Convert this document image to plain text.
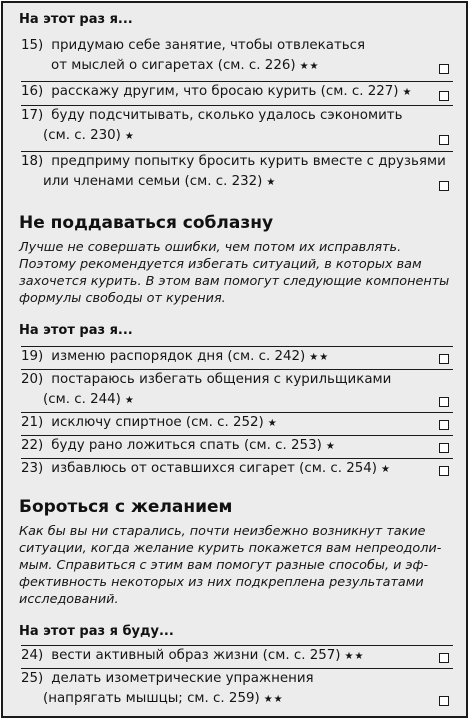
На этот раз я...
15) придумаю себе занятие, чтобы отвлекаться
от мыслей о сигаретах (см. с. 226) ★★
16) расскажу другим, что бросаю курить (см. с. 227) ★
17) буду подсчитывать, сколько удалось сэкономить
(см. с. 230) ★
18) предприму попытку бросить курить вместе с друзьями
или членами семьи (см. с. 232) ★
Не поддаваться соблазну
Лучше не совершать ошибки, чем потом их исправлять.
Поэтому рекомендуется избегать ситуаций, в которых вам
захочется курить. В этом вам помогут следующие компоненты
формулы свободы от курения.
На этот раз я...
19) изменю распорядок дня (см. с. 242) ★★
20) постараюсь избегать общения с курильщиками
(см. с. 244) ★
21) исключу спиртное (см. с. 252) ★
22) буду рано ложиться спать (см. с. 253) ★
23) избавлюсь от оставшихся сигарет (см. с. 254) ★
Бороться с желанием
Как бы вы ни старались, почти неизбежно возникнут такие
ситуации, когда желание курить покажется вам непреодоли-
мым. Справиться с этим вам помогут разные способы, и эф-
фективность некоторых из них подкреплена результатами
исследований.
На этот раз я буду...
24) вести активный образ жизни (см. с. 257) ★★
25) делать изометрические упражнения
(напрягать мышцы; см. с. 259) ★★
